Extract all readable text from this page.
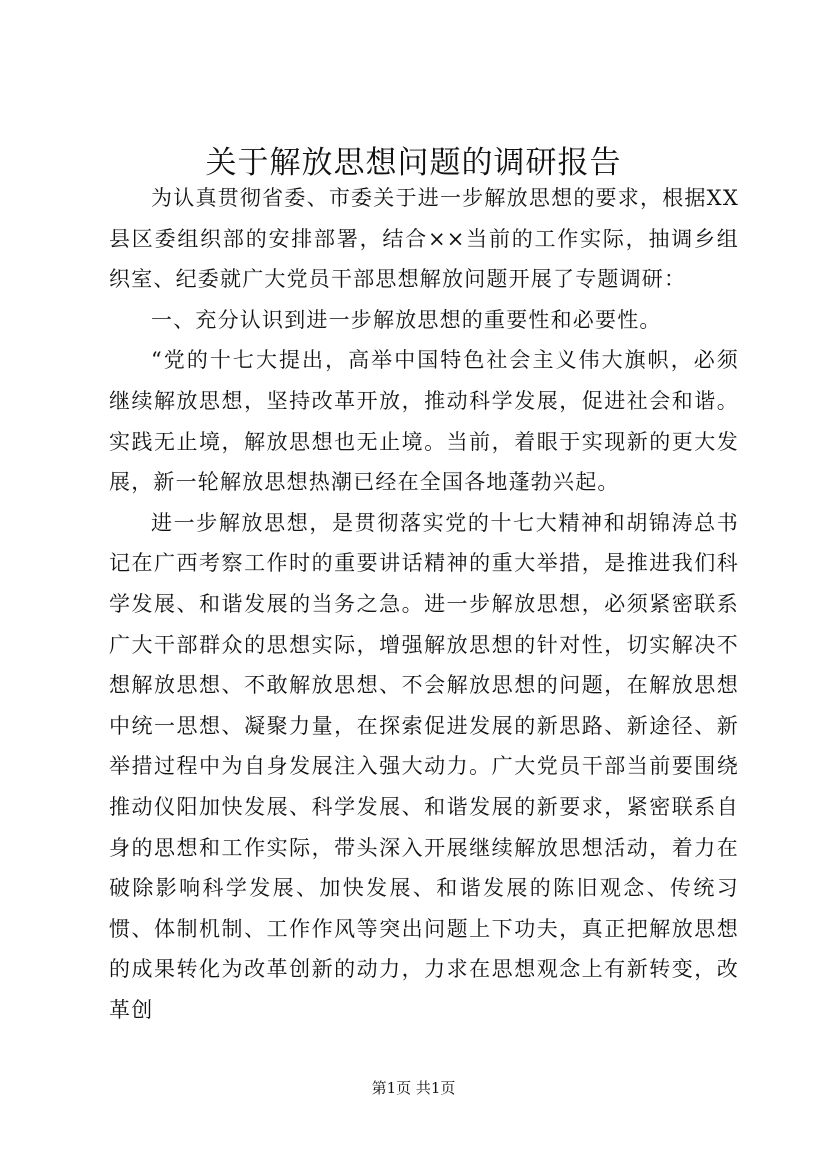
关于解放思想问题的调研报告

为认真贯彻省委、市委关于进一步解放思想的要求，根据XX县区委组织部的安排部署，结合××当前的工作实际，抽调乡组织室、纪委就广大党员干部思想解放问题开展了专题调研：

一、充分认识到进一步解放思想的重要性和必要性。

“党的十七大提出，高举中国特色社会主义伟大旗帜，必须继续解放思想，坚持改革开放，推动科学发展，促进社会和谐。实践无止境，解放思想也无止境。当前，着眼于实现新的更大发展，新一轮解放思想热潮已经在全国各地蓬勃兴起。

进一步解放思想，是贯彻落实党的十七大精神和胡锦涛总书记在广西考察工作时的重要讲话精神的重大举措，是推进我们科学发展、和谐发展的当务之急。进一步解放思想，必须紧密联系广大干部群众的思想实际，增强解放思想的针对性，切实解决不想解放思想、不敢解放思想、不会解放思想的问题，在解放思想中统一思想、凝聚力量，在探索促进发展的新思路、新途径、新举措过程中为自身发展注入强大动力。广大党员干部当前要围绕推动仪阳加快发展、科学发展、和谐发展的新要求，紧密联系自身的思想和工作实际，带头深入开展继续解放思想活动，着力在破除影响科学发展、加快发展、和谐发展的陈旧观念、传统习惯、体制机制、工作作风等突出问题上下功夫，真正把解放思想的成果转化为改革创新的动力，力求在思想观念上有新转变，改革创

第1页 共1页
